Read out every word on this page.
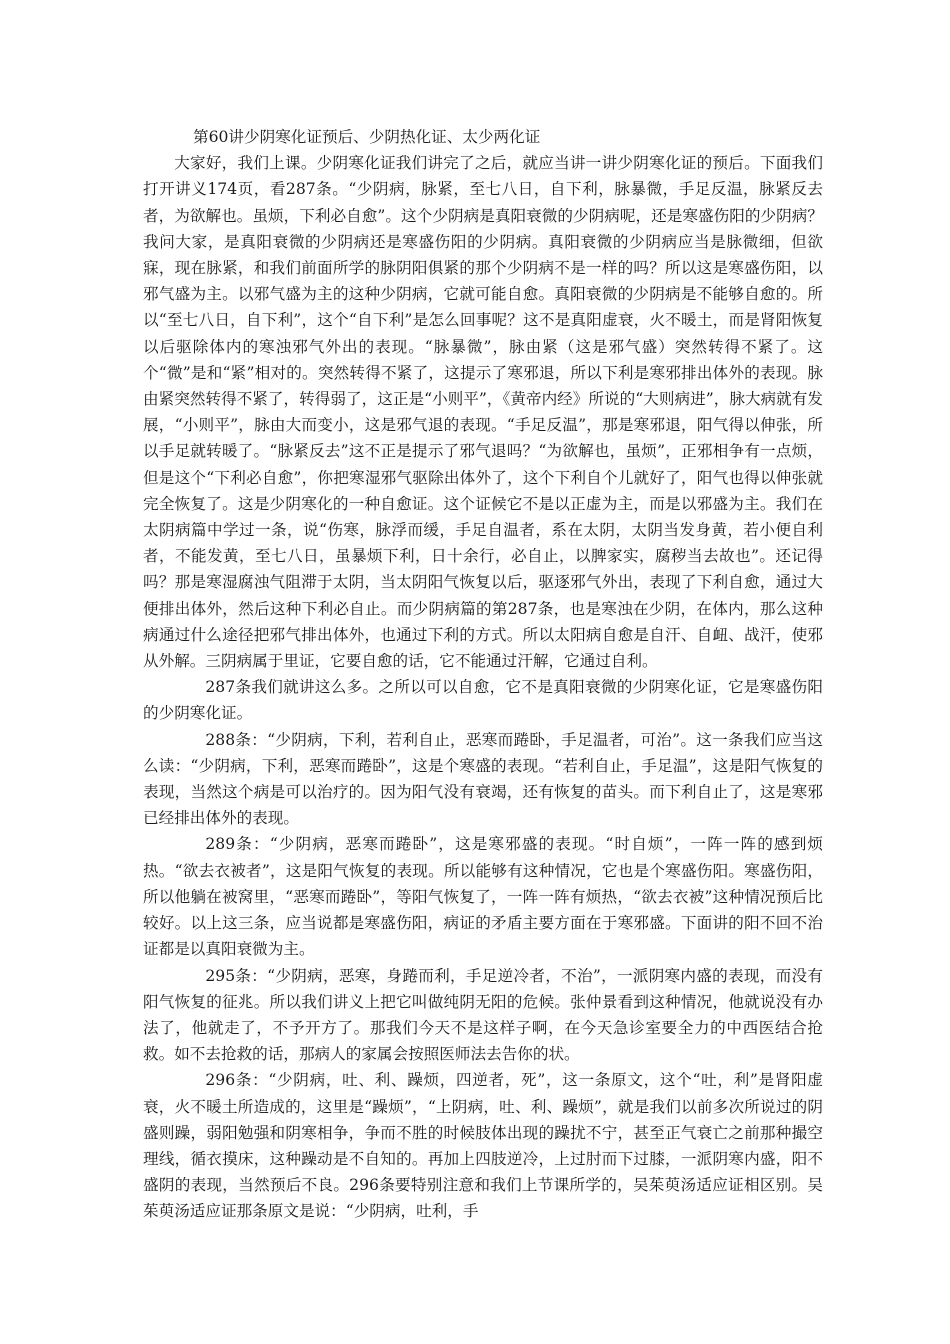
第60讲少阴寒化证预后、少阴热化证、太少两化证

大家好，我们上课。少阴寒化证我们讲完了之后，就应当讲一讲少阴寒化证的预后。下面我们打开讲义174页，看287条。“少阴病，脉紧，至七八日，自下利，脉暴微，手足反温，脉紧反去者，为欲解也。虽烦，下利必自愈”。这个少阴病是真阳衰微的少阴病呢，还是寒盛伤阳的少阴病？我问大家，是真阳衰微的少阴病还是寒盛伤阳的少阴病。真阳衰微的少阴病应当是脉微细，但欲寐，现在脉紧，和我们前面所学的脉阴阳俱紧的那个少阴病不是一样的吗？所以这是寒盛伤阳，以邪气盛为主。以邪气盛为主的这种少阴病，它就可能自愈。真阳衰微的少阴病是不能够自愈的。所以“至七八日，自下利”，这个“自下利”是怎么回事呢？这不是真阳虚衰，火不暖土，而是肾阳恢复以后驱除体内的寒浊邪气外出的表现。“脉暴微”，脉由紧（这是邪气盛）突然转得不紧了。这个“微”是和“紧”相对的。突然转得不紧了，这提示了寒邪退，所以下利是寒邪排出体外的表现。脉由紧突然转得不紧了，转得弱了，这正是“小则平”，《黄帝内经》所说的“大则病进”，脉大病就有发展，“小则平”，脉由大而变小，这是邪气退的表现。“手足反温”，那是寒邪退，阳气得以伸张，所以手足就转暖了。“脉紧反去”这不正是提示了邪气退吗？“为欲解也，虽烦”，正邪相争有一点烦，但是这个“下利必自愈”，你把寒湿邪气驱除出体外了，这个下利自个儿就好了，阳气也得以伸张就完全恢复了。这是少阴寒化的一种自愈证。这个证候它不是以正虚为主，而是以邪盛为主。我们在太阴病篇中学过一条，说“伤寒，脉浮而缓，手足自温者，系在太阴，太阴当发身黄，若小便自利者，不能发黄，至七八日，虽暴烦下利，日十余行，必自止，以脾家实，腐秽当去故也”。还记得吗？那是寒湿腐浊气阻滞于太阴，当太阴阳气恢复以后，驱逐邪气外出，表现了下利自愈，通过大便排出体外，然后这种下利必自止。而少阴病篇的第287条，也是寒浊在少阴，在体内，那么这种病通过什么途径把邪气排出体外，也通过下利的方式。所以太阳病自愈是自汗、自衄、战汗，使邪从外解。三阴病属于里证，它要自愈的话，它不能通过汗解，它通过自利。

287条我们就讲这么多。之所以可以自愈，它不是真阳衰微的少阴寒化证，它是寒盛伤阳的少阴寒化证。

288条：“少阴病，下利，若利自止，恶寒而踡卧，手足温者，可治”。这一条我们应当这么读：“少阴病，下利，恶寒而踡卧”，这是个寒盛的表现。“若利自止，手足温”，这是阳气恢复的表现，当然这个病是可以治疗的。因为阳气没有衰竭，还有恢复的苗头。而下利自止了，这是寒邪已经排出体外的表现。

289条：“少阴病，恶寒而踡卧”，这是寒邪盛的表现。“时自烦”，一阵一阵的感到烦热。“欲去衣被者”，这是阳气恢复的表现。所以能够有这种情况，它也是个寒盛伤阳。寒盛伤阳，所以他躺在被窝里，“恶寒而踡卧”，等阳气恢复了，一阵一阵有烦热，“欲去衣被”这种情况预后比较好。以上这三条，应当说都是寒盛伤阳，病证的矛盾主要方面在于寒邪盛。下面讲的阳不回不治证都是以真阳衰微为主。

295条：“少阴病，恶寒，身踡而利，手足逆冷者，不治”，一派阴寒内盛的表现，而没有阳气恢复的征兆。所以我们讲义上把它叫做纯阴无阳的危候。张仲景看到这种情况，他就说没有办法了，他就走了，不予开方了。那我们今天不是这样子啊，在今天急诊室要全力的中西医结合抢救。如不去抢救的话，那病人的家属会按照医师法去告你的状。

296条：“少阴病，吐、利、躁烦，四逆者，死”，这一条原文，这个“吐，利”是肾阳虚衰，火不暖土所造成的，这里是“躁烦”，“上阴病，吐、利、躁烦”，就是我们以前多次所说过的阴盛则躁，弱阳勉强和阴寒相争，争而不胜的时候肢体出现的躁扰不宁，甚至正气衰亡之前那种撮空理线，循衣摸床，这种躁动是不自知的。再加上四肢逆冷，上过肘而下过膝，一派阴寒内盛，阳不盛阴的表现，当然预后不良。296条要特别注意和我们上节课所学的，吴茱萸汤适应证相区别。吴茱萸汤适应证那条原文是说：“少阴病，吐利，手
